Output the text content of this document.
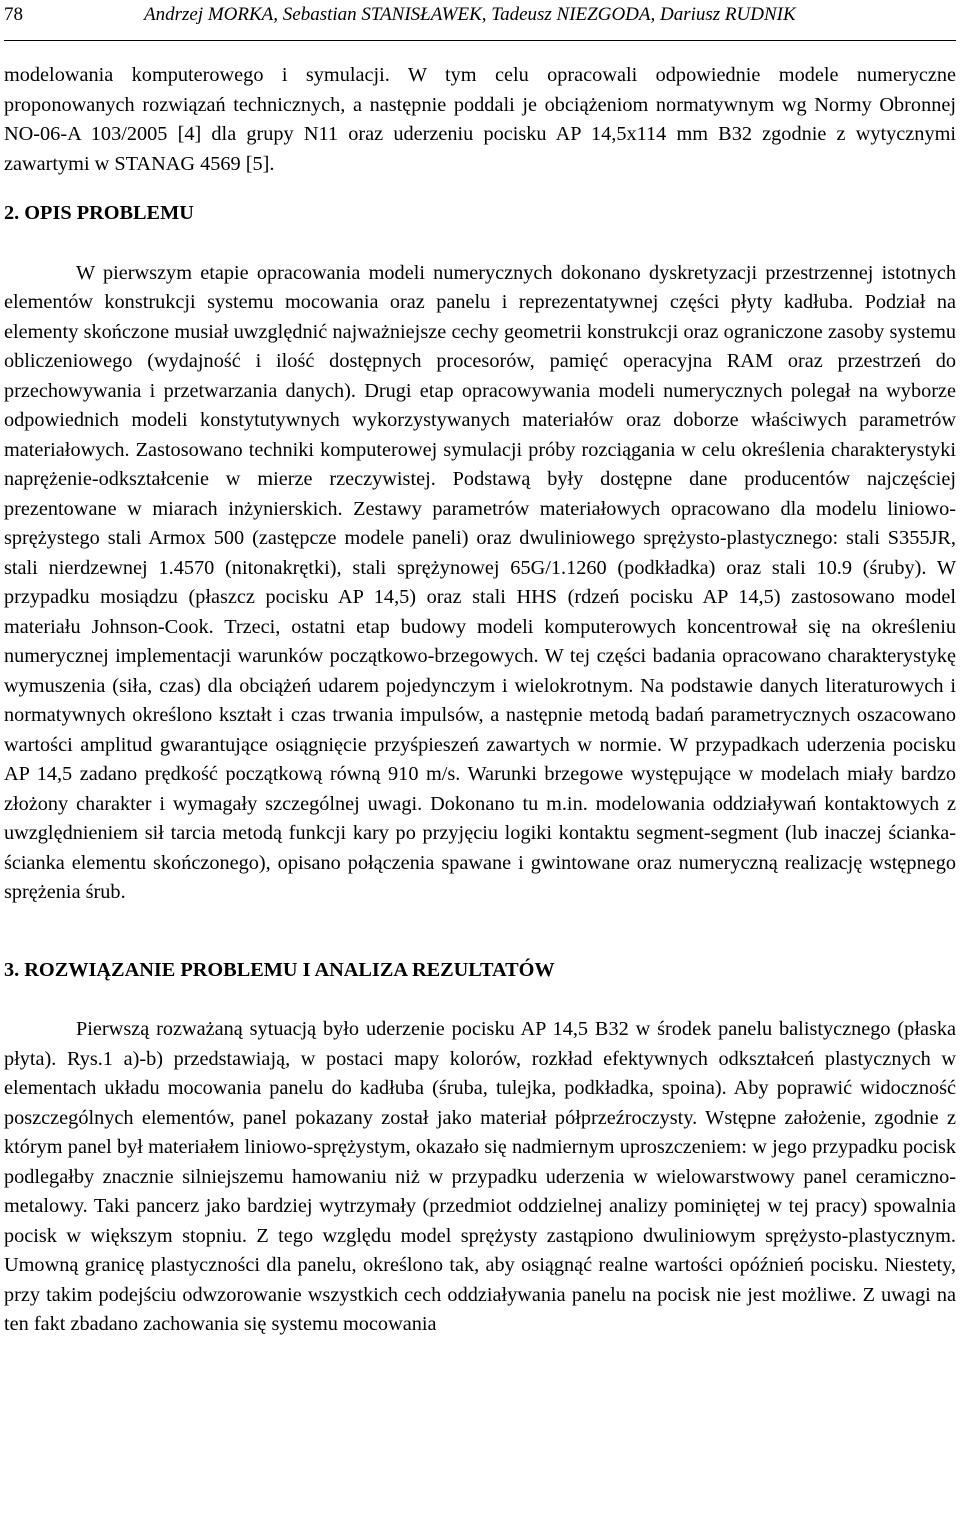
78	Andrzej MORKA, Sebastian STANISŁAWEK, Tadeusz NIEZGODA, Dariusz RUDNIK

modelowania komputerowego i symulacji. W tym celu opracowali odpowiednie modele numeryczne proponowanych rozwiązań technicznych, a następnie poddali je obciążeniom normatywnym wg Normy Obronnej NO-06-A 103/2005 [4] dla grupy N11 oraz uderzeniu pocisku AP 14,5x114 mm B32 zgodnie z wytycznymi zawartymi w STANAG 4569 [5].

2. OPIS PROBLEMU

W pierwszym etapie opracowania modeli numerycznych dokonano dyskretyzacji przestrzennej istotnych elementów konstrukcji systemu mocowania oraz panelu i reprezentatywnej części płyty kadłuba. Podział na elementy skończone musiał uwzględnić najważniejsze cechy geometrii konstrukcji oraz ograniczone zasoby systemu obliczeniowego (wydajność i ilość dostępnych procesorów, pamięć operacyjna RAM oraz przestrzeń do przechowywania i przetwarzania danych). Drugi etap opracowywania modeli numerycznych polegał na wyborze odpowiednich modeli konstytutywnych wykorzystywanych materiałów oraz doborze właściwych parametrów materiałowych. Zastosowano techniki komputerowej symulacji próby rozciągania w celu określenia charakterystyki naprężenie-odkształcenie w mierze rzeczywistej. Podstawą były dostępne dane producentów najczęściej prezentowane w miarach inżynierskich. Zestawy parametrów materiałowych opracowano dla modelu liniowo-sprężystego stali Armox 500 (zastępcze modele paneli) oraz dwuliniowego sprężysto-plastycznego: stali S355JR, stali nierdzewnej 1.4570 (nitonakrętki), stali sprężynowej 65G/1.1260 (podkładka) oraz stali 10.9 (śruby). W przypadku mosiądzu (płaszcz pocisku AP 14,5) oraz stali HHS (rdzeń pocisku AP 14,5) zastosowano model materiału Johnson-Cook. Trzeci, ostatni etap budowy modeli komputerowych koncentrował się na określeniu numerycznej implementacji warunków początkowo-brzegowych. W tej części badania opracowano charakterystykę wymuszenia (siła, czas) dla obciążeń udarem pojedynczym i wielokrotnym. Na podstawie danych literaturowych i normatywnych określono kształt i czas trwania impulsów, a następnie metodą badań parametrycznych oszacowano wartości amplitud gwarantujące osiągnięcie przyśpieszeń zawartych w normie. W przypadkach uderzenia pocisku AP 14,5 zadano prędkość początkową równą 910 m/s. Warunki brzegowe występujące w modelach miały bardzo złożony charakter i wymagały szczególnej uwagi. Dokonano tu m.in. modelowania oddziaływań kontaktowych z uwzględnieniem sił tarcia metodą funkcji kary po przyjęciu logiki kontaktu segment-segment (lub inaczej ścianka-ścianka elementu skończonego), opisano połączenia spawane i gwintowane oraz numeryczną realizację wstępnego sprężenia śrub.

3. ROZWIĄZANIE PROBLEMU I ANALIZA REZULTATÓW

Pierwszą rozważaną sytuacją było uderzenie pocisku AP 14,5 B32 w środek panelu balistycznego (płaska płyta). Rys.1 a)-b) przedstawiają, w postaci mapy kolorów, rozkład efektywnych odkształceń plastycznych w elementach układu mocowania panelu do kadłuba (śruba, tulejka, podkładka, spoina). Aby poprawić widoczność poszczególnych elementów, panel pokazany został jako materiał półprzeźroczysty. Wstępne założenie, zgodnie z którym panel był materiałem liniowo-sprężystym, okazało się nadmiernym uproszczeniem: w jego przypadku pocisk podlegałby znacznie silniejszemu hamowaniu niż w przypadku uderzenia w wielowarstwowy panel ceramiczno-metalowy. Taki pancerz jako bardziej wytrzymały (przedmiot oddzielnej analizy pominiętej w tej pracy) spowalnia pocisk w większym stopniu. Z tego względu model sprężysty zastąpiono dwuliniowym sprężysto-plastycznym. Umowną granicę plastyczności dla panelu, określono tak, aby osiągnąć realne wartości opóźnień pocisku. Niestety, przy takim podejściu odwzorowanie wszystkich cech oddziaływania panelu na pocisk nie jest możliwe. Z uwagi na ten fakt zbadano zachowania się systemu mocowania
